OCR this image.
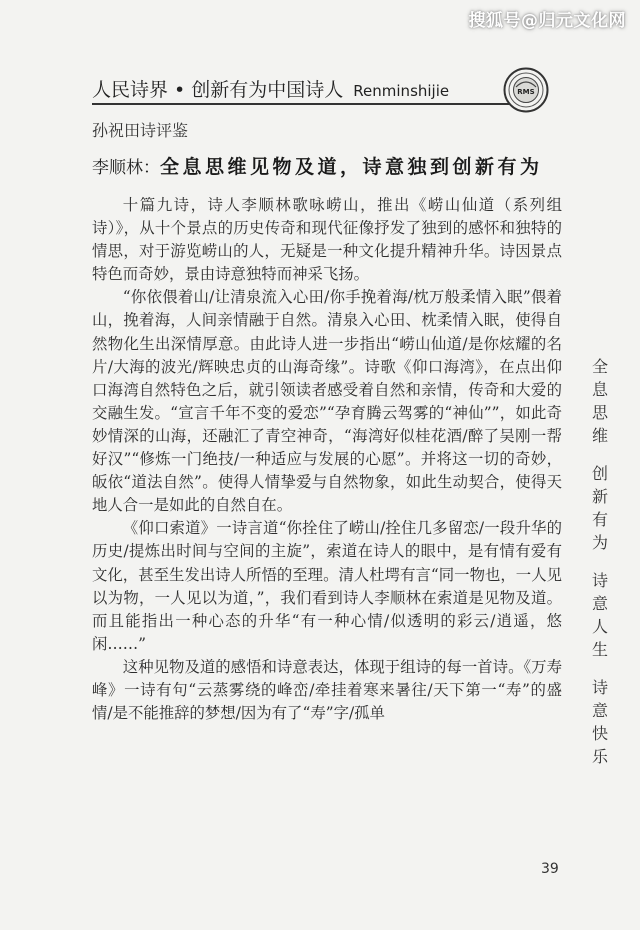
搜狐号@归元文化网
人民诗界 • 创新有为中国诗人 Renminshijie	RMS
孙祝田诗评鉴
李顺林： 全息思维见物及道，诗意独到创新有为

十篇九诗，诗人李顺林歌咏崂山，推出《崂山仙道（系列组诗）》，从十个景点的历史传奇和现代征像抒发了独到的感怀和独特的情思，对于游览崂山的人，无疑是一种文化提升精神升华。诗因景点特色而奇妙，景由诗意独特而神采飞扬。

“你依偎着山/让清泉流入心田/你手挽着海/枕万般柔情入眠”偎着山，挽着海，人间亲情融于自然。清泉入心田、枕柔情入眠，使得自然物化生出深情厚意。由此诗人进一步指出“崂山仙道/是你炫耀的名片/大海的波光/辉映忠贞的山海奇缘”。诗歌《仰口海湾》，在点出仰口海湾自然特色之后，就引领读者感受着自然和亲情，传奇和大爱的交融生发。“宣言千年不变的爱恋”“孕育腾云驾雾的“神仙””，如此奇妙情深的山海，还融汇了青空神奇，“海湾好似桂花酒/醉了吴刚一帮好汉”“修炼一门绝技/一种适应与发展的心愿”。并将这一切的奇妙，皈依“道法自然”。使得人情挚爱与自然物象，如此生动契合，使得天地人合一是如此的自然自在。

《仰口索道》一诗言道“你拴住了崂山/拴住几多留恋/一段升华的历史/提炼出时间与空间的主旋”，索道在诗人的眼中，是有情有爱有文化，甚至生发出诗人所悟的至理。清人杜堮有言“同一物也，一人见以为物，一人见以为道，”，我们看到诗人李顺林在索道是见物及道。而且能指出一种心态的升华“有一种心情/似透明的彩云/逍遥，悠闲……”

这种见物及道的感悟和诗意表达，体现于组诗的每一首诗。《万寿峰》一诗有句“云蒸雾绕的峰峦/牵挂着寒来暑往/天下第一“寿”的盛情/是不能推辞的梦想/因为有了“寿”字/孤单

全
息
思
维
创
新
有
为
诗
意
人
生
诗
意
快
乐
39
